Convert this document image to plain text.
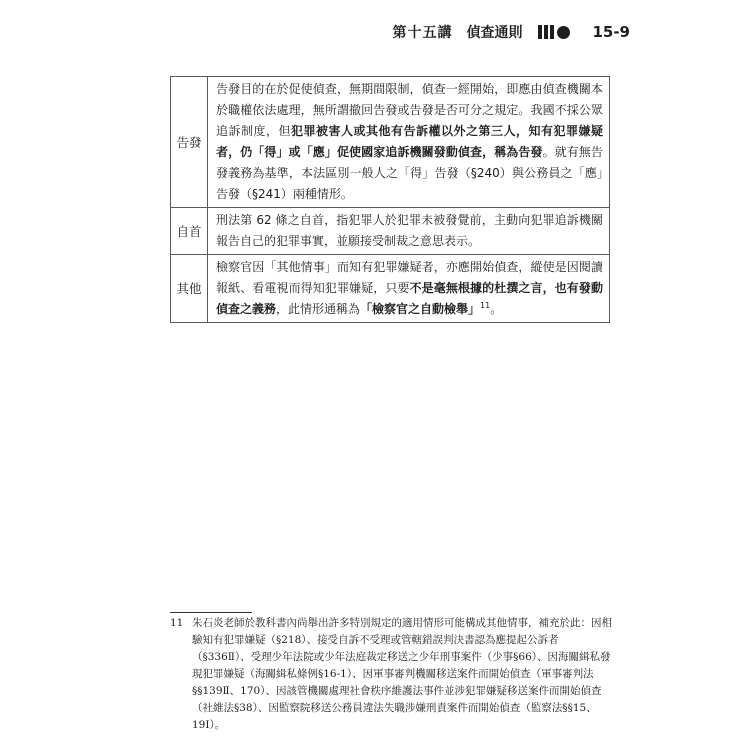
第十五講 偵查通則	15-9
告發	告發目的在於促使偵查，無期間限制，偵查一經開始，即應由偵查機關本於職權依法處理，無所謂撤回告發或告發是否可分之規定。我國不採公眾追訴制度，但犯罪被害人或其他有告訴權以外之第三人，知有犯罪嫌疑者，仍「得」或「應」促使國家追訴機關發動偵查，稱為告發。就有無告發義務為基準，本法區別一般人之「得」告發（§240）與公務員之「應」告發（§241）兩種情形。
自首	刑法第 62 條之自首，指犯罪人於犯罪未被發覺前，主動向犯罪追訴機關報告自己的犯罪事實，並願接受制裁之意思表示。
其他	檢察官因「其他情事」而知有犯罪嫌疑者，亦應開始偵查，縱使是因閱讀報紙、看電視而得知犯罪嫌疑，只要不是毫無根據的杜撰之言，也有發動偵查之義務，此情形通稱為「檢察官之自動檢舉」$^{11}$。
11 朱石炎老師於教科書內尚舉出許多特別規定的適用情形可能構成其他情事，補充於此：因相驗知有犯罪嫌疑（§218）、接受自訴不受理或管轄錯誤判決書認為應提起公訴者（§336Ⅱ）、受理少年法院或少年法庭裁定移送之少年刑事案件（少事§66）、因海關緝私發現犯罪嫌疑（海關緝私條例§16-1）、因軍事審判機關移送案件而開始偵查（軍事審判法§§139Ⅱ、170）、因該管機關處理社會秩序維護法事件並涉犯罪嫌疑移送案件而開始偵查（社維法§38）、因監察院移送公務員違法失職涉嫌刑責案件而開始偵查（監察法§§15、19Ⅰ）。
